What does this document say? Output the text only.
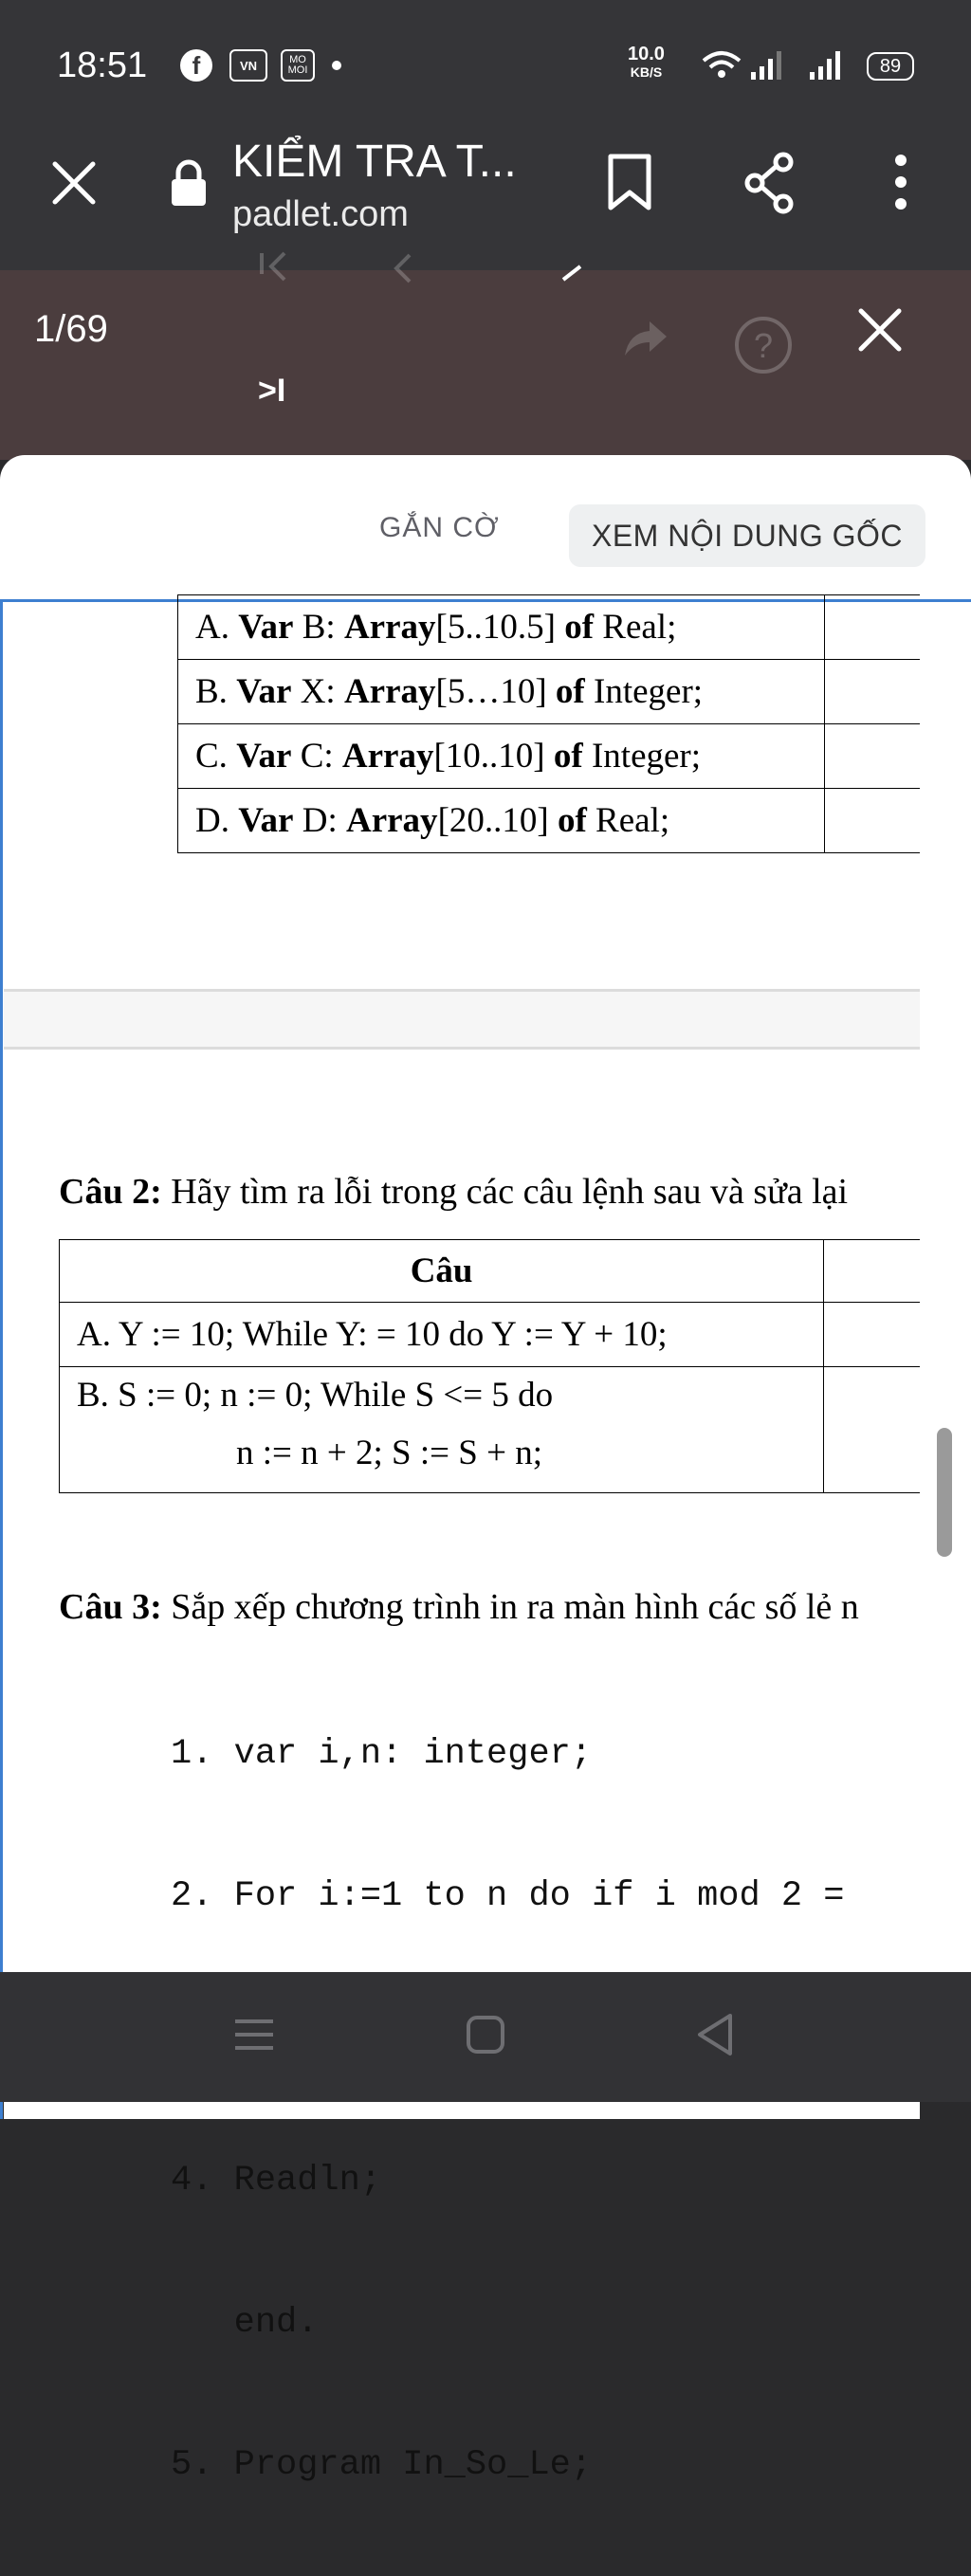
18:51	f	VN	MO MOI
10.0
KB/S	89
KIỂM TRA T...
padlet.com
1/69	?
>I
GẮN CỜ	XEM NỘI DUNG GỐC
A. Var B: Array[5..10.5] of Real;	
B. Var X: Array[5…10] of Integer;	
C. Var C: Array[10..10] of Integer;	
D. Var D: Array[20..10] of Real;	
Câu 2: Hãy tìm ra lỗi trong các câu lệnh sau và sửa lại
Câu	
A. Y := 10; While Y: = 10 do Y := Y + 10;	

B. S := 0; n := 0; While S <= 5 do
n := n + 2; S := S + n;	

Câu 3: Sắp xếp chương trình in ra màn hình các số lẻ n

1. var i,n: integer;

2. For i:=1 to n do if i mod 2 =

4. Readln;

end.

5. Program In_So_Le;
